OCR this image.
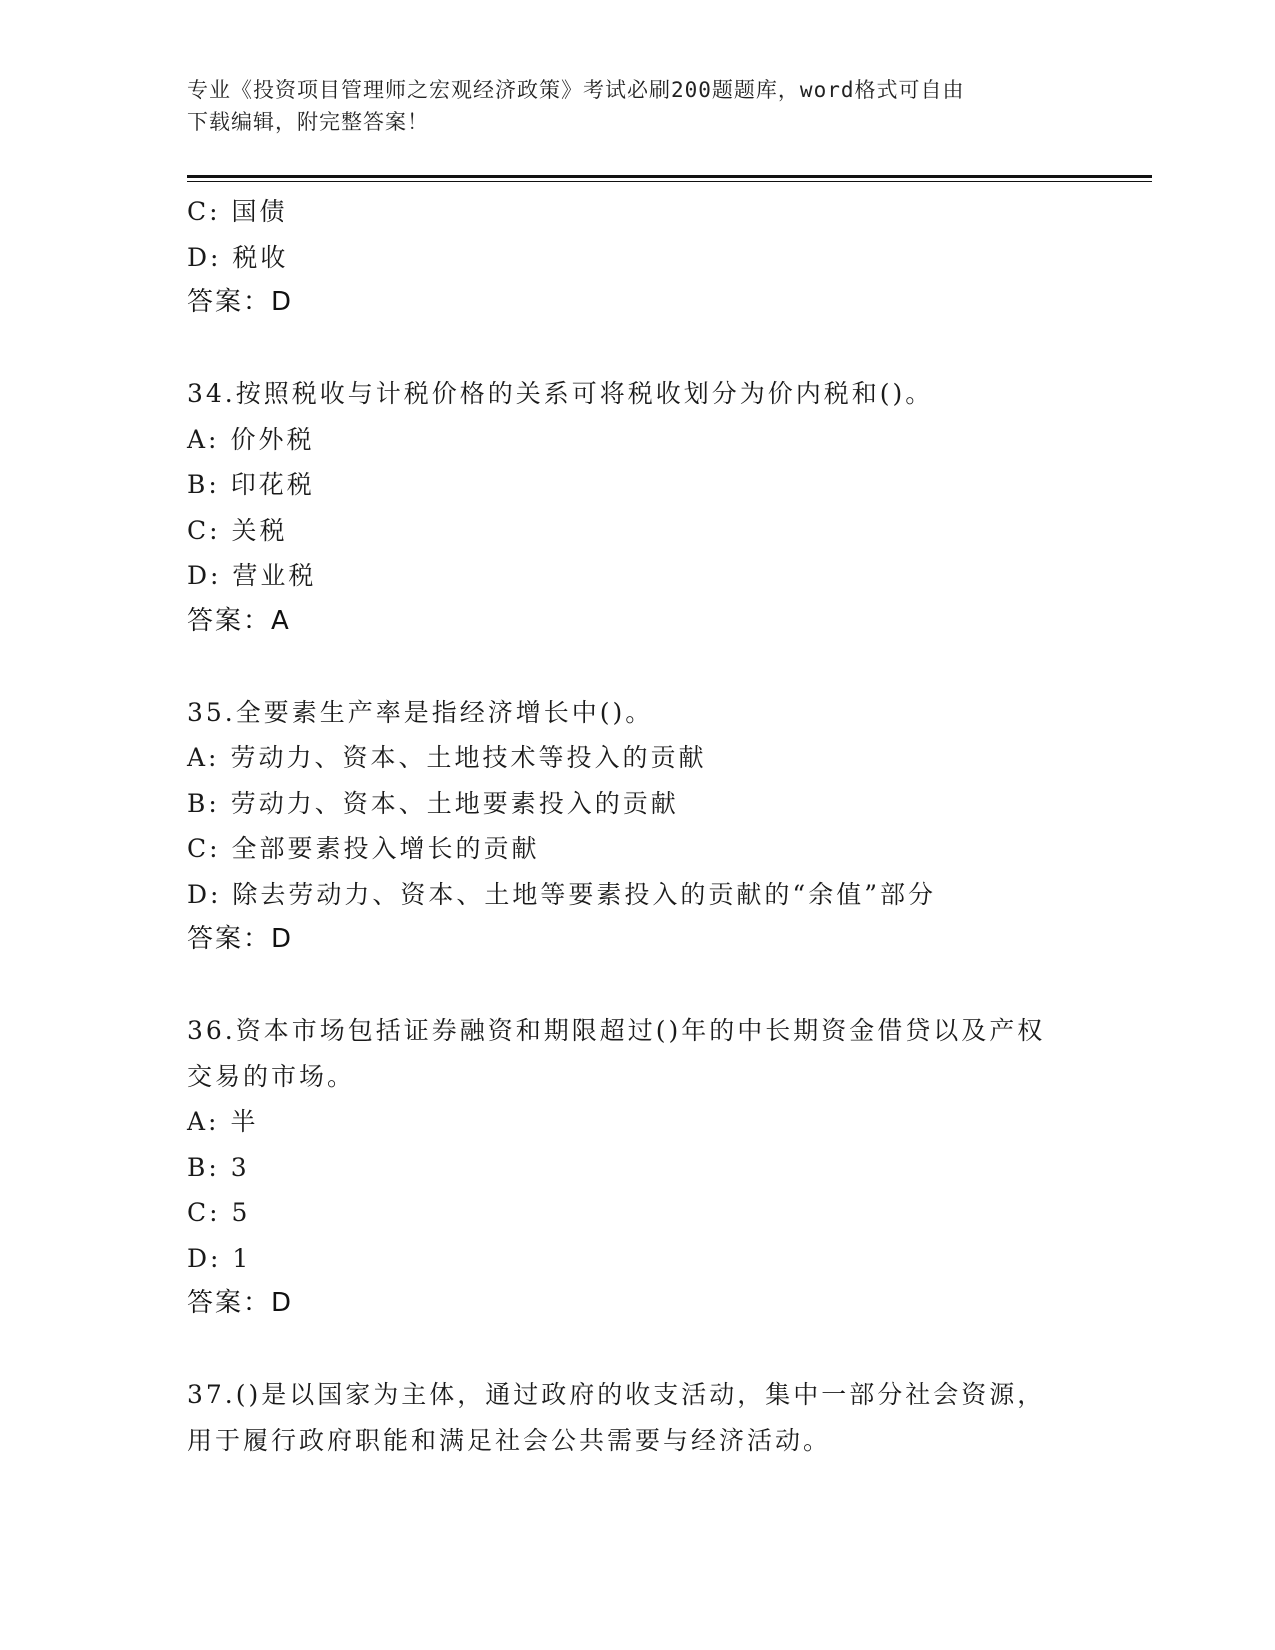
专业《投资项目管理师之宏观经济政策》考试必刷200题题库，word格式可自由
下载编辑，附完整答案！
C: 国债
D: 税收
答案：D
34.按照税收与计税价格的关系可将税收划分为价内税和()。
A: 价外税
B: 印花税
C: 关税
D: 营业税
答案：A
35.全要素生产率是指经济增长中()。
A: 劳动力、资本、土地技术等投入的贡献
B: 劳动力、资本、土地要素投入的贡献
C: 全部要素投入增长的贡献
D: 除去劳动力、资本、土地等要素投入的贡献的“余值”部分
答案：D
36.资本市场包括证券融资和期限超过()年的中长期资金借贷以及产权
交易的市场。
A: 半
B: 3
C: 5
D: 1
答案：D
37.()是以国家为主体，通过政府的收支活动，集中一部分社会资源，
用于履行政府职能和满足社会公共需要与经济活动。
